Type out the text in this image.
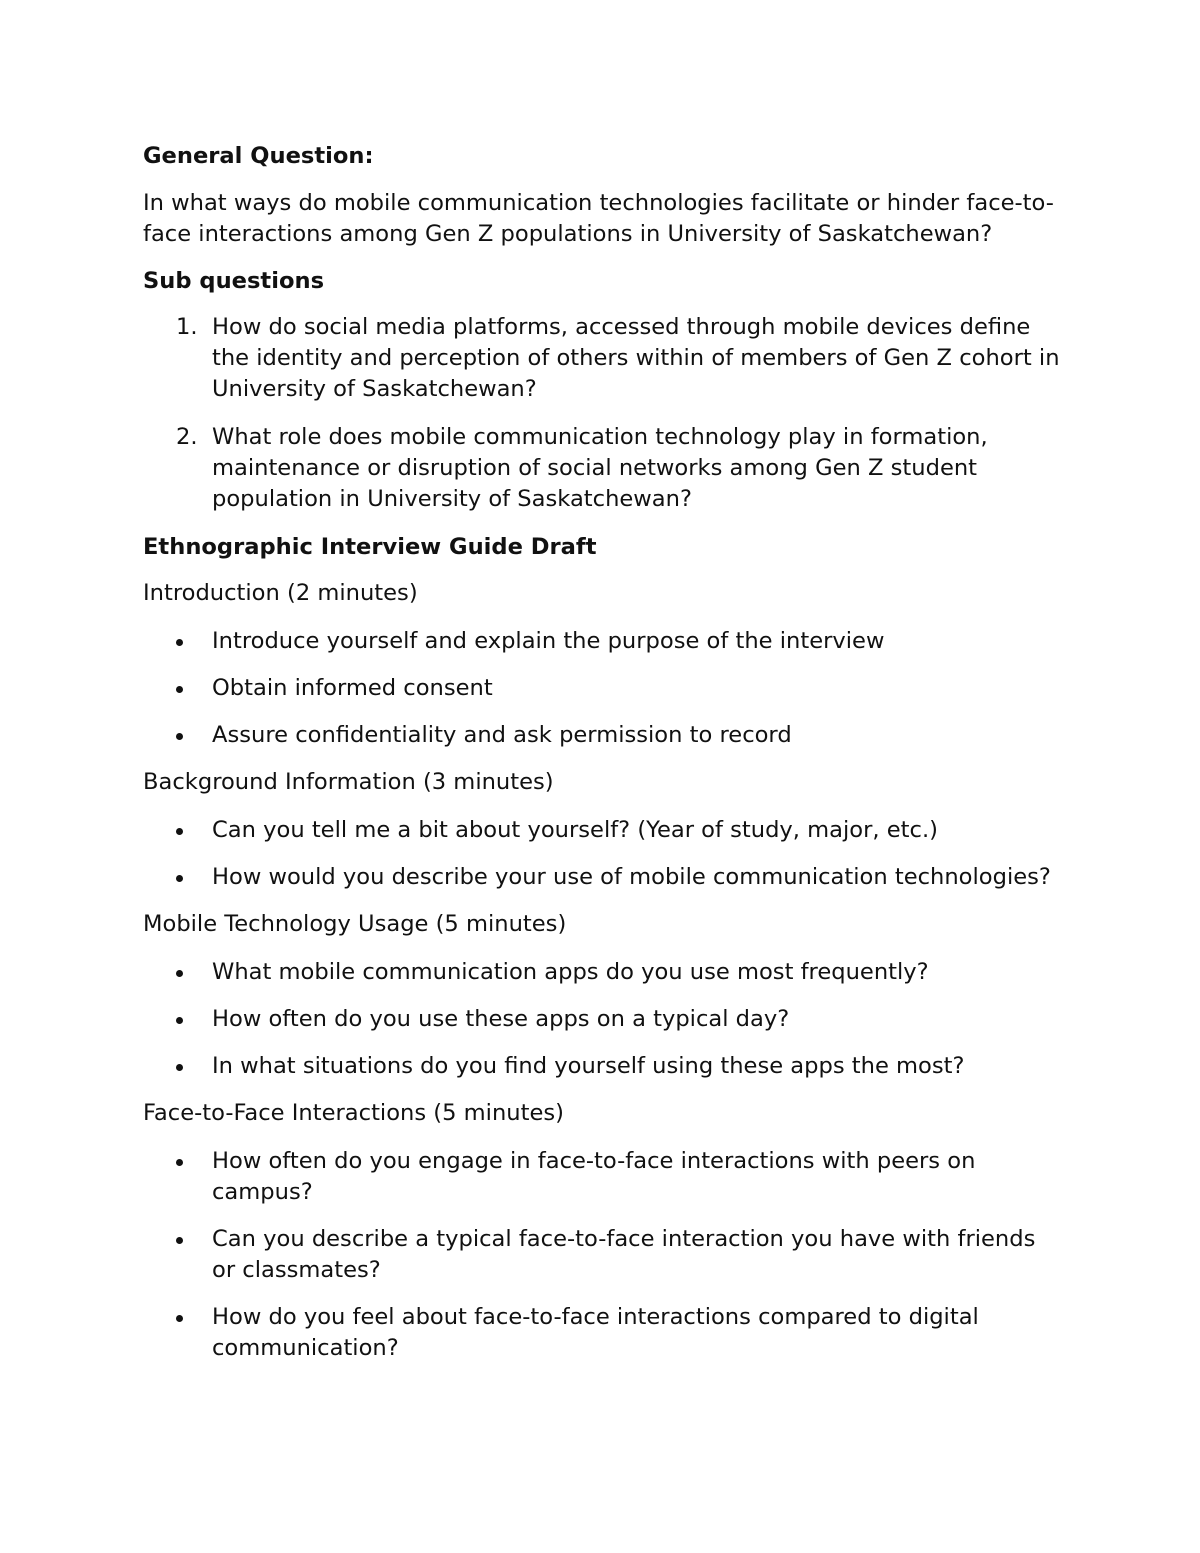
General Question:

In what ways do mobile communication technologies facilitate or hinder face-to-face interactions among Gen Z populations in University of Saskatchewan?

Sub questions

1. How do social media platforms, accessed through mobile devices define the identity and perception of others within of members of Gen Z cohort in University of Saskatchewan?
2. What role does mobile communication technology play in formation, maintenance or disruption of social networks among Gen Z student population in University of Saskatchewan?

Ethnographic Interview Guide Draft

Introduction (2 minutes)

Introduce yourself and explain the purpose of the interview
Obtain informed consent
Assure confidentiality and ask permission to record

Background Information (3 minutes)

Can you tell me a bit about yourself? (Year of study, major, etc.)
How would you describe your use of mobile communication technologies?

Mobile Technology Usage (5 minutes)

What mobile communication apps do you use most frequently?
How often do you use these apps on a typical day?
In what situations do you find yourself using these apps the most?

Face-to-Face Interactions (5 minutes)

How often do you engage in face-to-face interactions with peers on campus?
Can you describe a typical face-to-face interaction you have with friends or classmates?
How do you feel about face-to-face interactions compared to digital communication?
